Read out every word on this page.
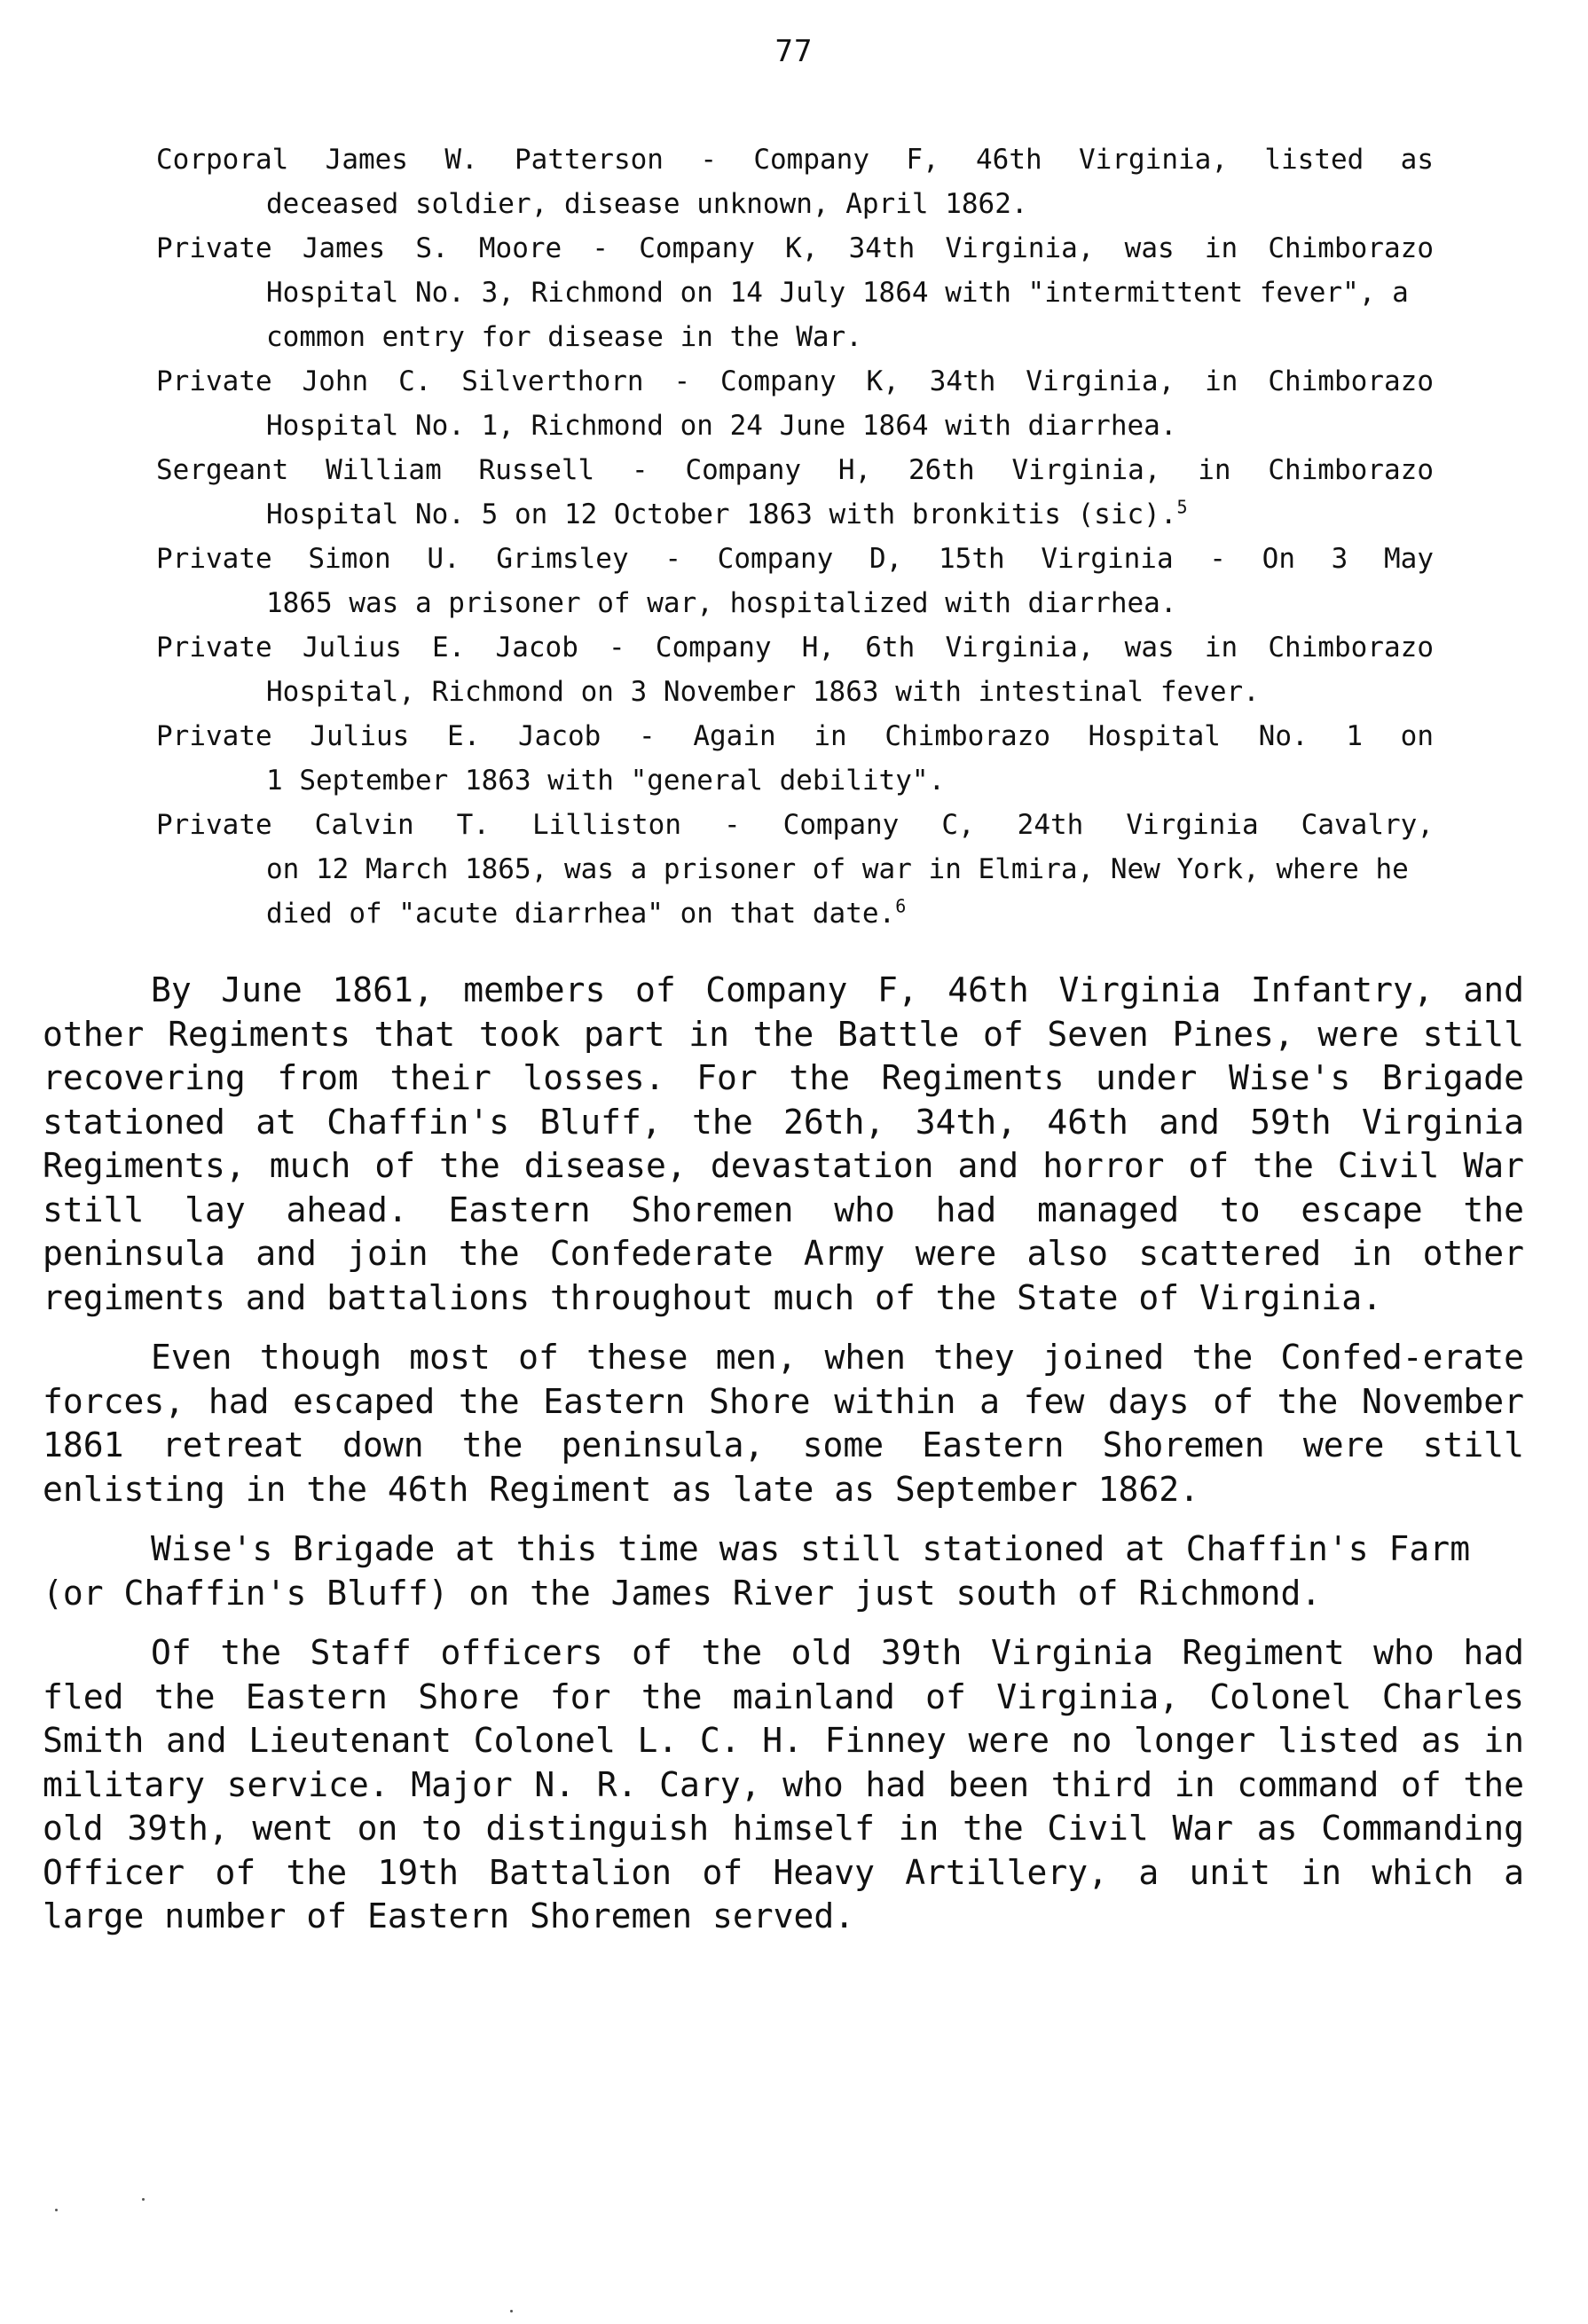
77

Corporal James W. Patterson - Company F, 46th Virginia, listed as
deceased soldier, disease unknown, April 1862.

Private James S. Moore - Company K, 34th Virginia, was in Chimborazo
Hospital No. 3, Richmond on 14 July 1864 with "intermittent fever", a common entry for disease in the War.

Private John C. Silverthorn - Company K, 34th Virginia, in Chimborazo
Hospital No. 1, Richmond on 24 June 1864 with diarrhea.

Sergeant William Russell - Company H, 26th Virginia, in Chimborazo
Hospital No. 5 on 12 October 1863 with bronkitis (sic).$^5$

Private Simon U. Grimsley - Company D, 15th Virginia - On 3 May
1865 was a prisoner of war, hospitalized with diarrhea.

Private Julius E. Jacob - Company H, 6th Virginia, was in Chimborazo
Hospital, Richmond on 3 November 1863 with intestinal fever.

Private Julius E. Jacob - Again in Chimborazo Hospital No. 1 on
1 September 1863 with "general debility".

Private Calvin T. Lilliston - Company C, 24th Virginia Cavalry,
on 12 March 1865, was a prisoner of war in Elmira, New York, where he died of "acute diarrhea" on that date.$^6$

By June 1861, members of Company F, 46th Virginia Infantry, and other Regiments that took part in the Battle of Seven Pines, were still recovering from their losses. For the Regiments under Wise's Brigade stationed at Chaffin's Bluff, the 26th, 34th, 46th and 59th Virginia Regiments, much of the disease, devastation and horror of the Civil War still lay ahead. Eastern Shoremen who had managed to escape the peninsula and join the Confederate Army were also scattered in other regiments and battalions throughout much of the State of Virginia.

Even though most of these men, when they joined the Confed-erate forces, had escaped the Eastern Shore within a few days of the November 1861 retreat down the peninsula, some Eastern Shoremen were still enlisting in the 46th Regiment as late as September 1862.

Wise's Brigade at this time was still stationed at Chaffin's Farm (or Chaffin's Bluff) on the James River just south of Richmond.

Of the Staff officers of the old 39th Virginia Regiment who had fled the Eastern Shore for the mainland of Virginia, Colonel Charles Smith and Lieutenant Colonel L. C. H. Finney were no longer listed as in military service. Major N. R. Cary, who had been third in command of the old 39th, went on to distinguish himself in the Civil War as Commanding Officer of the 19th Battalion of Heavy Artillery, a unit in which a large number of Eastern Shoremen served.
